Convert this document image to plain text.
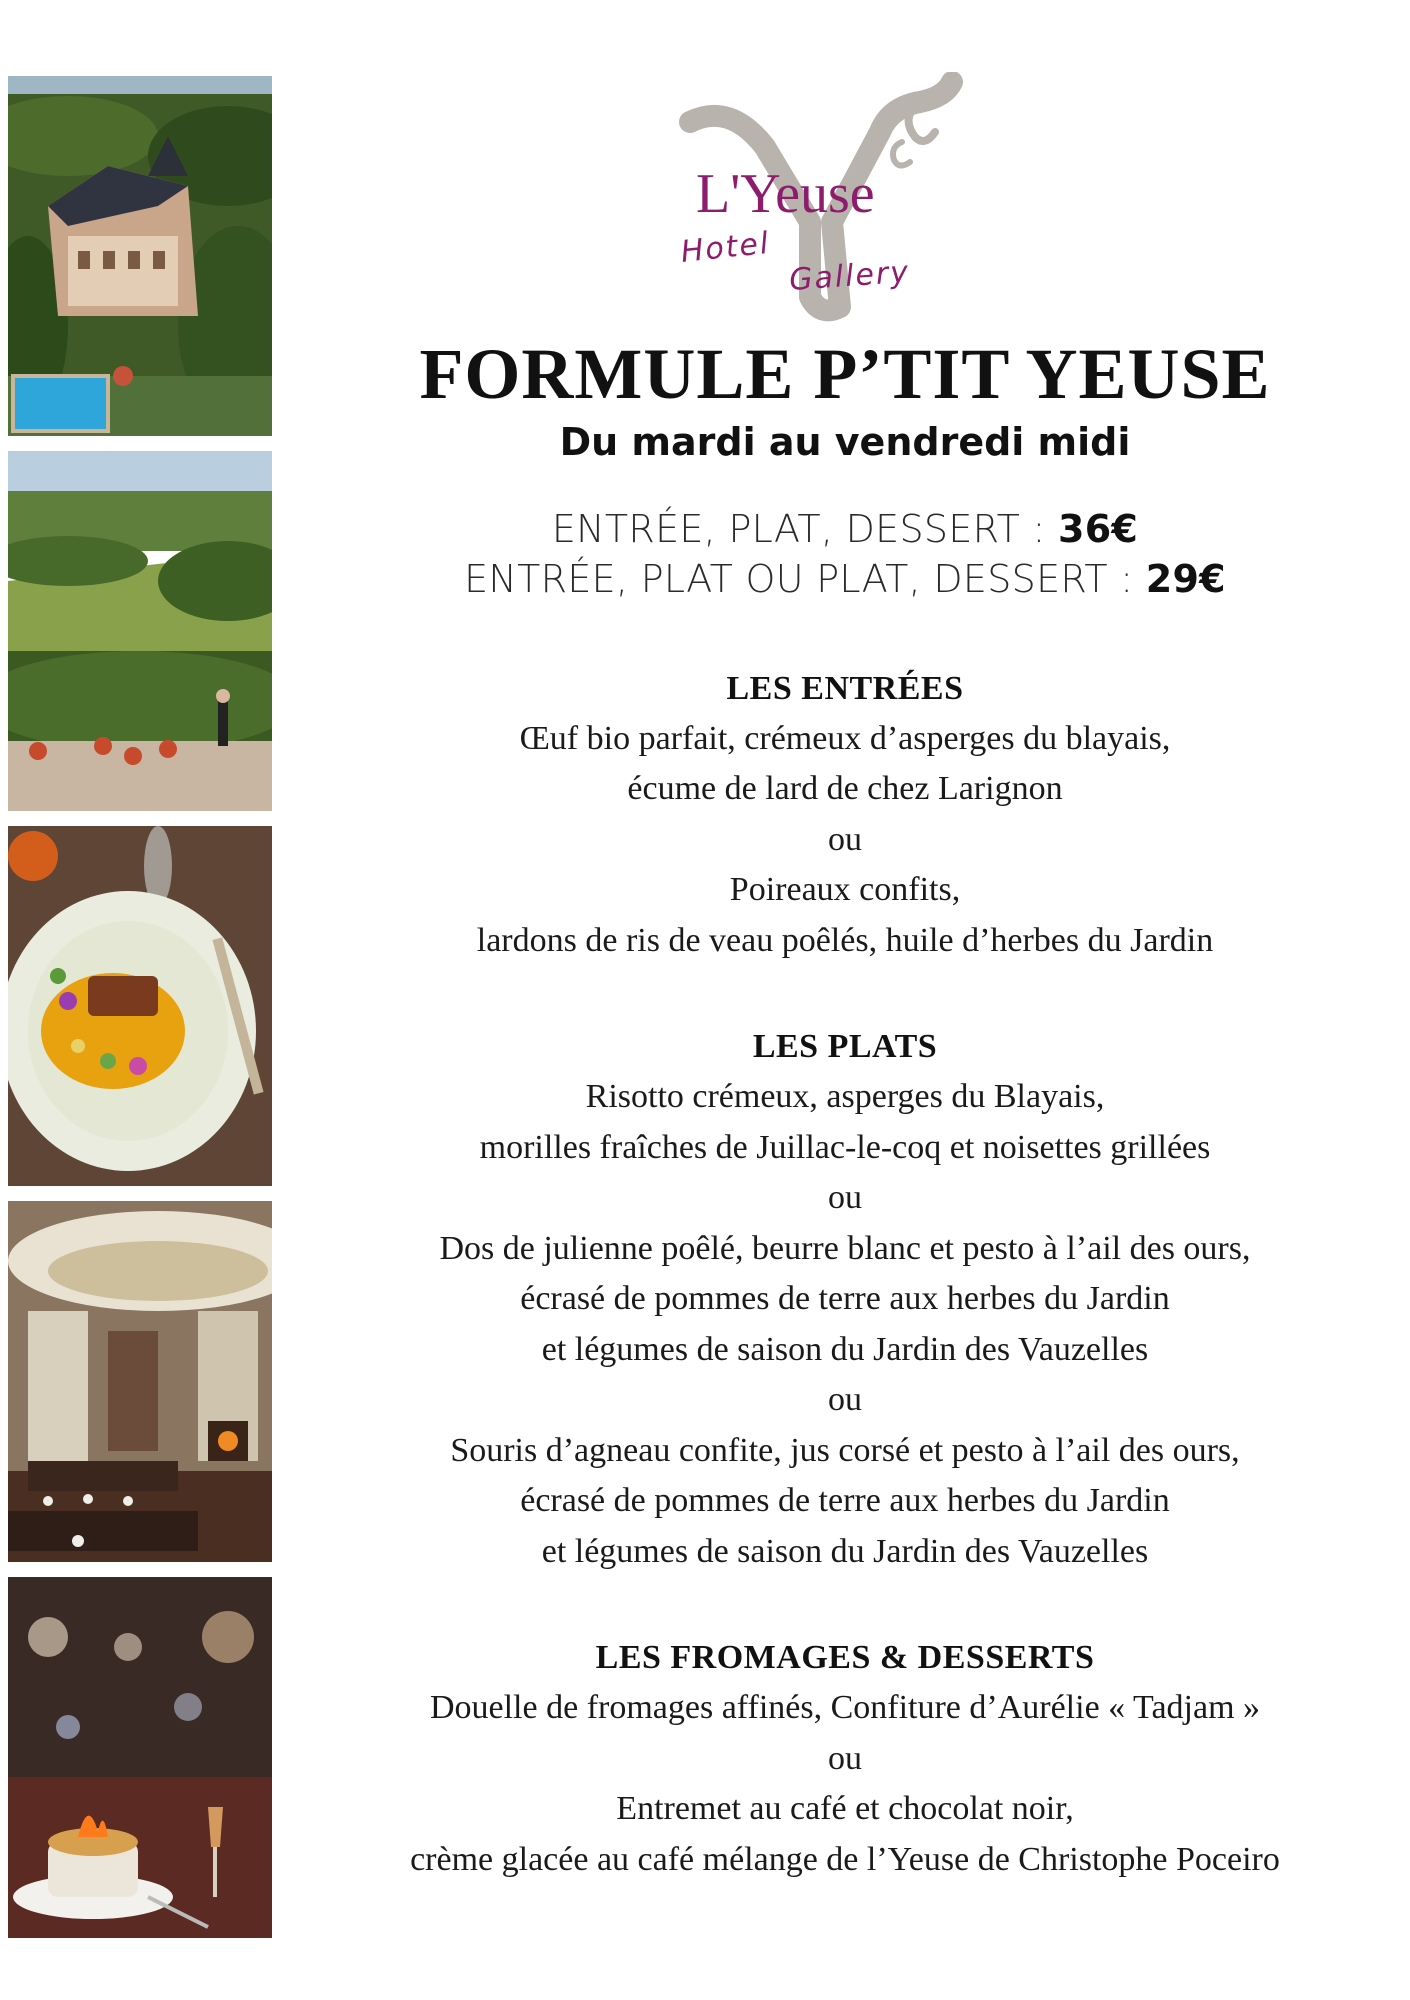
L'Yeuse
Hotel
Gallery
FORMULE P’TIT YEUSE
Du mardi au vendredi midi
ENTRÉE, PLAT, DESSERT : 36€
ENTRÉE, PLAT OU PLAT, DESSERT : 29€
LES ENTRÉES
Œuf bio parfait, crémeux d’asperges du blayais,
écume de lard de chez Larignon
ou
Poireaux confits,
lardons de ris de veau poêlés, huile d’herbes du Jardin
LES PLATS
Risotto crémeux, asperges du Blayais,
morilles fraîches de Juillac-le-coq et noisettes grillées
ou
Dos de julienne poêlé, beurre blanc et pesto à l’ail des ours,
écrasé de pommes de terre aux herbes du Jardin
et légumes de saison du Jardin des Vauzelles
ou
Souris d’agneau confite, jus corsé et pesto à l’ail des ours,
écrasé de pommes de terre aux herbes du Jardin
et légumes de saison du Jardin des Vauzelles
LES FROMAGES & DESSERTS
Douelle de fromages affinés, Confiture d’Aurélie « Tadjam »
ou
Entremet au café et chocolat noir,
crème glacée au café mélange de l’Yeuse de Christophe Poceiro
